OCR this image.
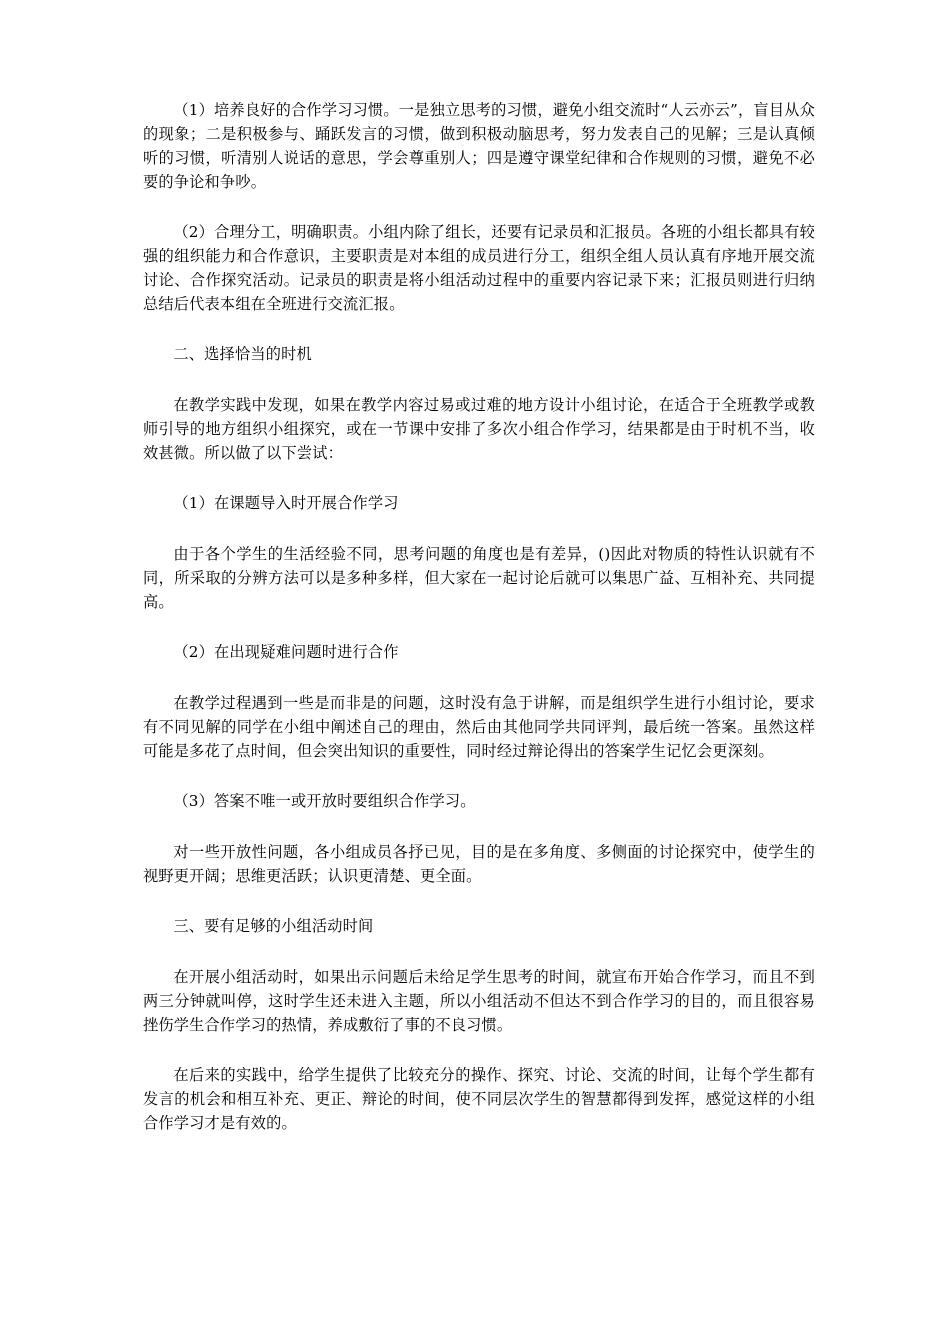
（1）培养良好的合作学习习惯。一是独立思考的习惯，避免小组交流时“人云亦云”，盲目从众的现象；二是积极参与、踊跃发言的习惯，做到积极动脑思考，努力发表自己的见解；三是认真倾听的习惯，听清别人说话的意思，学会尊重别人；四是遵守课堂纪律和合作规则的习惯，避免不必要的争论和争吵。

（2）合理分工，明确职责。小组内除了组长，还要有记录员和汇报员。各班的小组长都具有较强的组织能力和合作意识，主要职责是对本组的成员进行分工，组织全组人员认真有序地开展交流讨论、合作探究活动。记录员的职责是将小组活动过程中的重要内容记录下来；汇报员则进行归纳总结后代表本组在全班进行交流汇报。

二、选择恰当的时机

在教学实践中发现，如果在教学内容过易或过难的地方设计小组讨论，在适合于全班教学或教师引导的地方组织小组探究，或在一节课中安排了多次小组合作学习，结果都是由于时机不当，收效甚微。所以做了以下尝试：

（1）在课题导入时开展合作学习

由于各个学生的生活经验不同，思考问题的角度也是有差异，()因此对物质的特性认识就有不同，所采取的分辨方法可以是多种多样，但大家在一起讨论后就可以集思广益、互相补充、共同提高。

（2）在出现疑难问题时进行合作

在教学过程遇到一些是而非是的问题，这时没有急于讲解，而是组织学生进行小组讨论，要求有不同见解的同学在小组中阐述自己的理由，然后由其他同学共同评判，最后统一答案。虽然这样可能是多花了点时间，但会突出知识的重要性，同时经过辩论得出的答案学生记忆会更深刻。

（3）答案不唯一或开放时要组织合作学习。

对一些开放性问题，各小组成员各抒已见，目的是在多角度、多侧面的讨论探究中，使学生的视野更开阔；思维更活跃；认识更清楚、更全面。

三、要有足够的小组活动时间

在开展小组活动时，如果出示问题后未给足学生思考的时间，就宣布开始合作学习，而且不到两三分钟就叫停，这时学生还未进入主题，所以小组活动不但达不到合作学习的目的，而且很容易挫伤学生合作学习的热情，养成敷衍了事的不良习惯。

在后来的实践中，给学生提供了比较充分的操作、探究、讨论、交流的时间，让每个学生都有发言的机会和相互补充、更正、辩论的时间，使不同层次学生的智慧都得到发挥，感觉这样的小组合作学习才是有效的。
